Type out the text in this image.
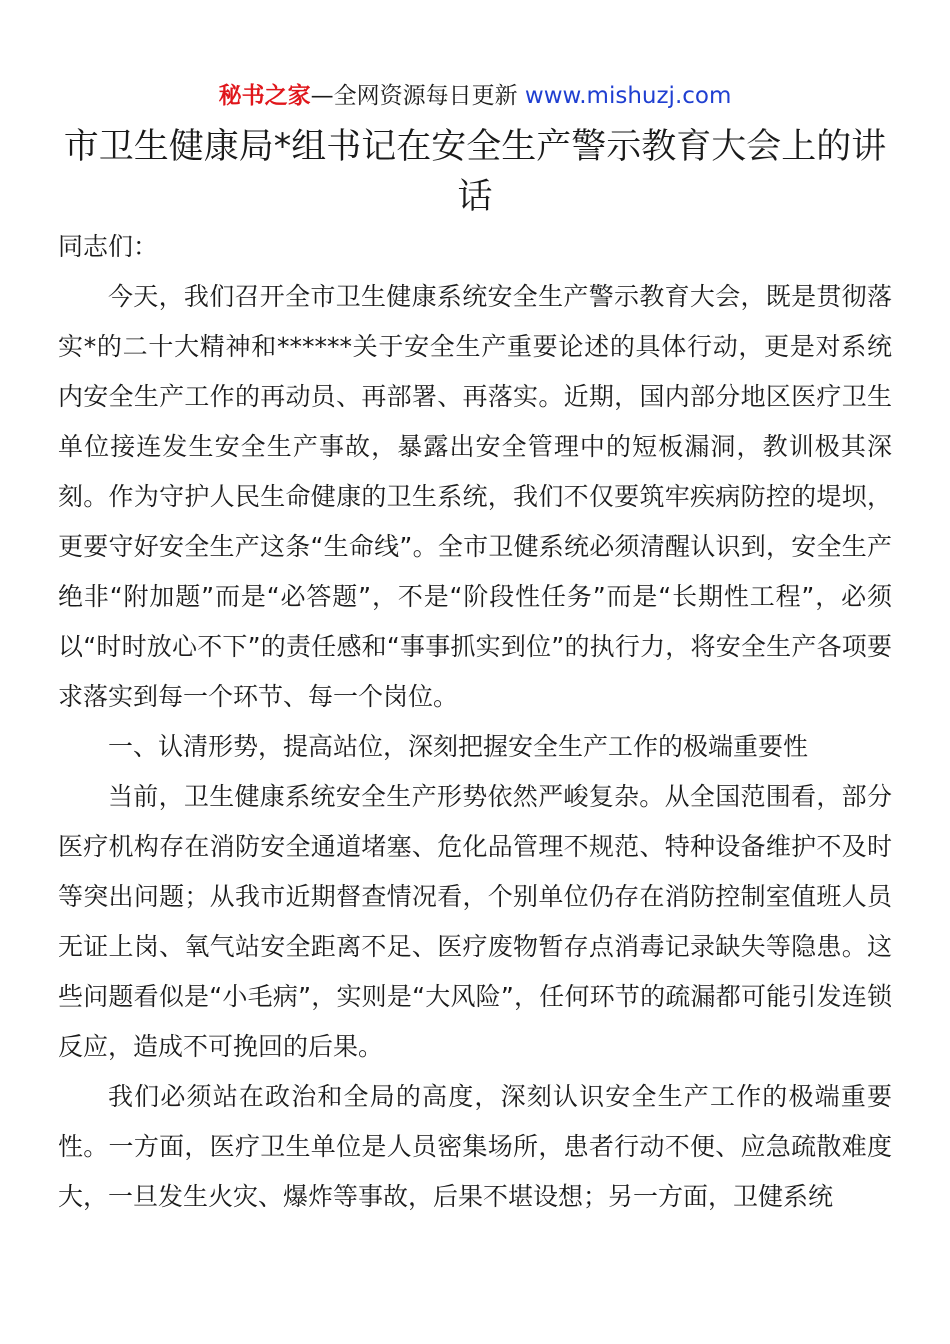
秘书之家—全网资源每日更新 www.mishuzj.com
市卫生健康局*组书记在安全生产警示教育大会上的讲话

同志们：

今天，我们召开全市卫生健康系统安全生产警示教育大会，既是贯彻落实*的二十大精神和******关于安全生产重要论述的具体行动，更是对系统内安全生产工作的再动员、再部署、再落实。近期，国内部分地区医疗卫生单位接连发生安全生产事故，暴露出安全管理中的短板漏洞，教训极其深刻。作为守护人民生命健康的卫生系统，我们不仅要筑牢疾病防控的堤坝，更要守好安全生产这条“生命线”。全市卫健系统必须清醒认识到，安全生产绝非“附加题”而是“必答题”，不是“阶段性任务”而是“长期性工程”，必须以“时时放心不下”的责任感和“事事抓实到位”的执行力，将安全生产各项要求落实到每一个环节、每一个岗位。

一、认清形势，提高站位，深刻把握安全生产工作的极端重要性

当前，卫生健康系统安全生产形势依然严峻复杂。从全国范围看，部分医疗机构存在消防安全通道堵塞、危化品管理不规范、特种设备维护不及时等突出问题；从我市近期督查情况看，个别单位仍存在消防控制室值班人员无证上岗、氧气站安全距离不足、医疗废物暂存点消毒记录缺失等隐患。这些问题看似是“小毛病”，实则是“大风险”，任何环节的疏漏都可能引发连锁反应，造成不可挽回的后果。

我们必须站在政治和全局的高度，深刻认识安全生产工作的极端重要性。一方面，医疗卫生单位是人员密集场所，患者行动不便、应急疏散难度大，一旦发生火灾、爆炸等事故，后果不堪设想；另一方面，卫健系统
